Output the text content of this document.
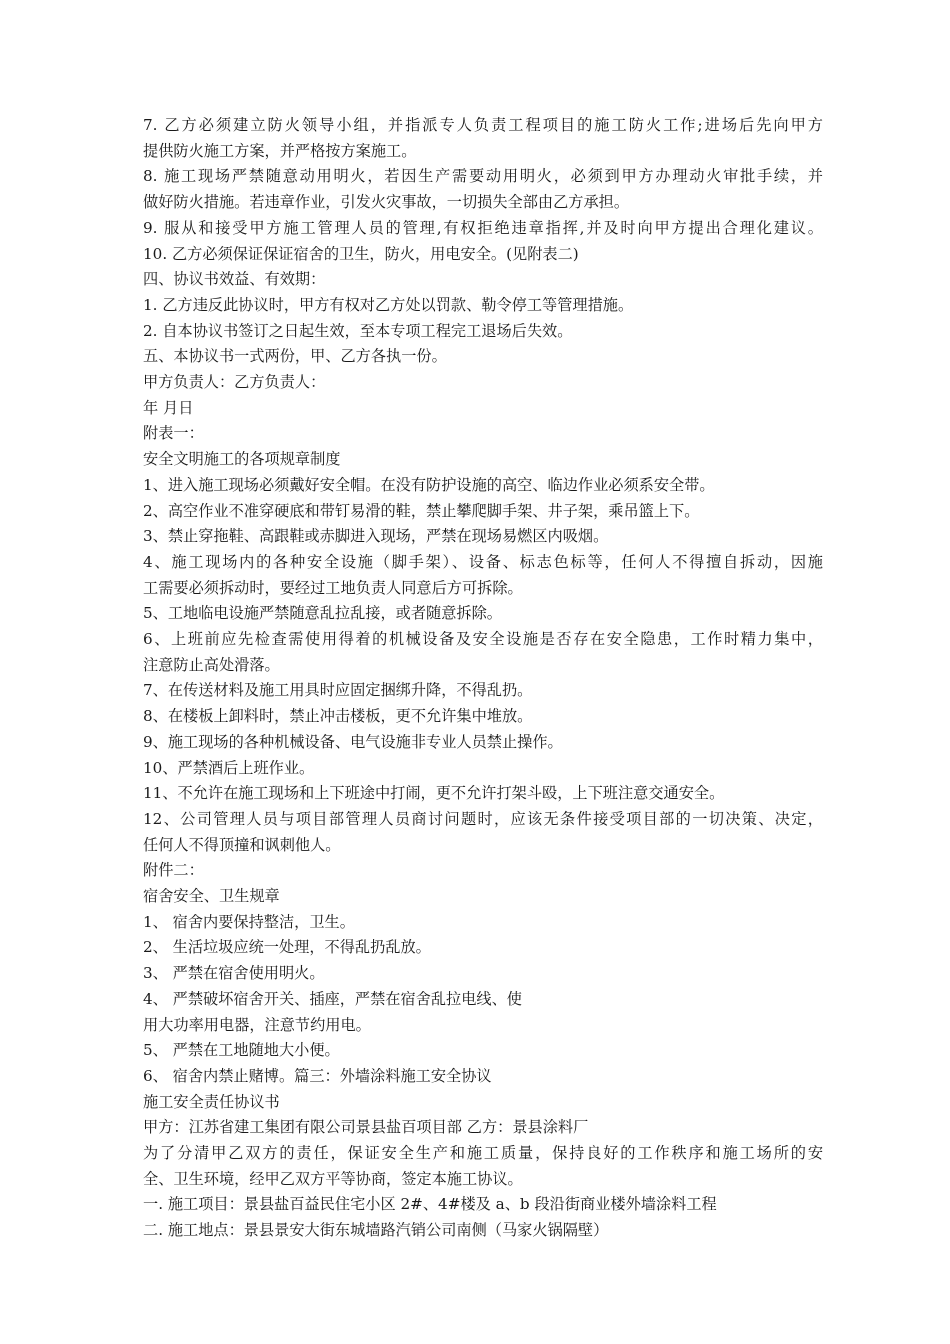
7. 乙方必须建立防火领导小组，并指派专人负责工程项目的施工防火工作;进场后先向甲方
提供防火施工方案，并严格按方案施工。
8. 施工现场严禁随意动用明火，若因生产需要动用明火，必须到甲方办理动火审批手续，并
做好防火措施。若违章作业，引发火灾事故，一切损失全部由乙方承担。
9. 服从和接受甲方施工管理人员的管理,有权拒绝违章指挥,并及时向甲方提出合理化建议。
10. 乙方必须保证保证宿舍的卫生，防火，用电安全。(见附表二)
四、协议书效益、有效期：
1. 乙方违反此协议时，甲方有权对乙方处以罚款、勒令停工等管理措施。
2. 自本协议书签订之日起生效，至本专项工程完工退场后失效。
五、本协议书一式两份，甲、乙方各执一份。
甲方负责人：乙方负责人：
年 月日
附表一：
安全文明施工的各项规章制度
1、进入施工现场必须戴好安全帽。在没有防护设施的高空、临边作业必须系安全带。
2、高空作业不准穿硬底和带钉易滑的鞋，禁止攀爬脚手架、井子架，乘吊篮上下。
3、禁止穿拖鞋、高跟鞋或赤脚进入现场，严禁在现场易燃区内吸烟。
4、施工现场内的各种安全设施（脚手架）、设备、标志色标等，任何人不得擅自拆动，因施
工需要必须拆动时，要经过工地负责人同意后方可拆除。
5、工地临电设施严禁随意乱拉乱接，或者随意拆除。
6、上班前应先检查需使用得着的机械设备及安全设施是否存在安全隐患，工作时精力集中，
注意防止高处滑落。
7、在传送材料及施工用具时应固定捆绑升降，不得乱扔。
8、在楼板上卸料时，禁止冲击楼板，更不允许集中堆放。
9、施工现场的各种机械设备、电气设施非专业人员禁止操作。
10、严禁酒后上班作业。
11、不允许在施工现场和上下班途中打闹，更不允许打架斗殴，上下班注意交通安全。
12、公司管理人员与项目部管理人员商讨问题时，应该无条件接受项目部的一切决策、决定，
任何人不得顶撞和讽刺他人。
附件二：
宿舍安全、卫生规章
1、 宿舍内要保持整洁，卫生。
2、 生活垃圾应统一处理，不得乱扔乱放。
3、 严禁在宿舍使用明火。
4、 严禁破坏宿舍开关、插座，严禁在宿舍乱拉电线、使
用大功率用电器，注意节约用电。
5、 严禁在工地随地大小便。
6、 宿舍内禁止赌博。篇三：外墙涂料施工安全协议
施工安全责任协议书
甲方：江苏省建工集团有限公司景县盐百项目部 乙方：景县涂料厂
为了分清甲乙双方的责任，保证安全生产和施工质量，保持良好的工作秩序和施工场所的安
全、卫生环境，经甲乙双方平等协商，签定本施工协议。
一. 施工项目：景县盐百益民住宅小区 2#、4#楼及 a、b 段沿街商业楼外墙涂料工程
二. 施工地点：景县景安大街东城墙路汽销公司南侧（马家火锅隔壁）
